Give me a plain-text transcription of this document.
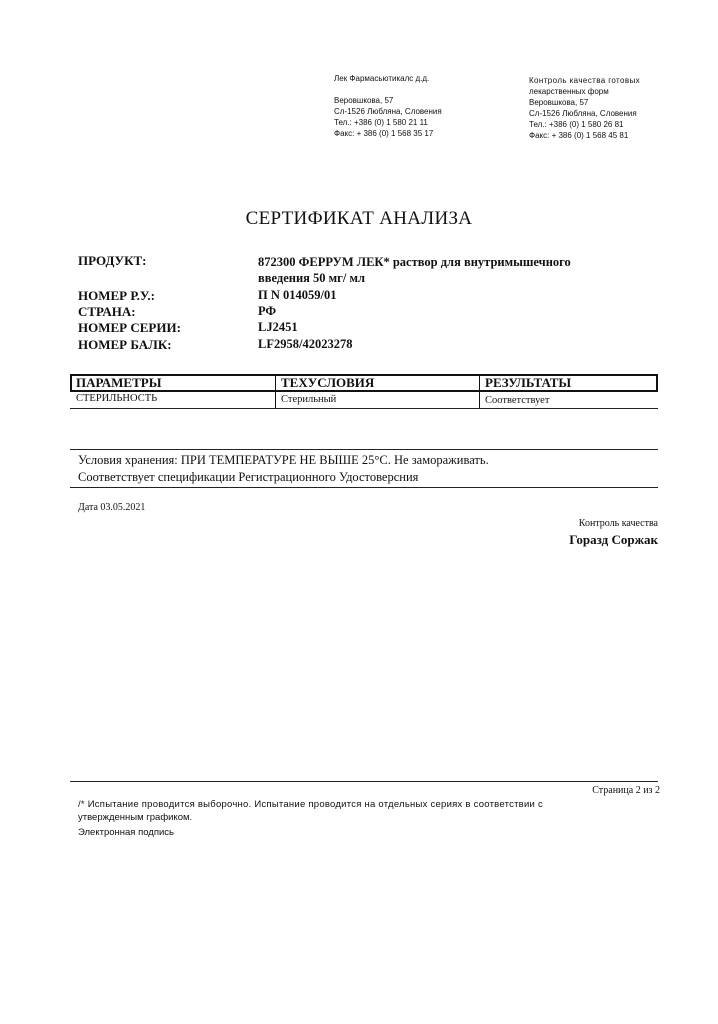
Лек Фармасьютикалс д.д.
Веровшкова, 57
Сл-1526 Любляна, Словения
Тел.: +386 (0) 1 580 21 11
Факс: + 386 (0) 1 568 35 17
Контроль качества готовых
лекарственных форм
Веровшкова, 57
Сл-1526 Любляна, Словения
Тел.: +386 (0) 1 580 26 81
Факс: + 386 (0) 1 568 45 81
СЕРТИФИКАТ АНАЛИЗА
ПРОДУКТ:	872300 ФЕРРУМ ЛЕК* раствор для внутримышечного
введения 50 мг/ мл
НОМЕР Р.У.:	П N 014059/01
СТРАНА:	РФ
НОМЕР СЕРИИ:	LJ2451
НОМЕР БАЛК:	LF2958/42023278
ПАРАМЕТРЫ	ТЕХУСЛОВИЯ	РЕЗУЛЬТАТЫ
СТЕРИЛЬНОСТЬ	Стерильный	Соответствует
Условия хранения: ПРИ ТЕМПЕРАТУРЕ НЕ ВЫШЕ 25°C. Не замораживать.
Соответствует спецификации Регистрационного Удостоверсния
Дата 03.05.2021
Контроль качества
Горазд Соржак
Страница 2 из 2
/* Испытание проводится выборочно. Испытание проводится на отдельных сериях в соответствии с
утвержденным графиком.
Электронная подпись
